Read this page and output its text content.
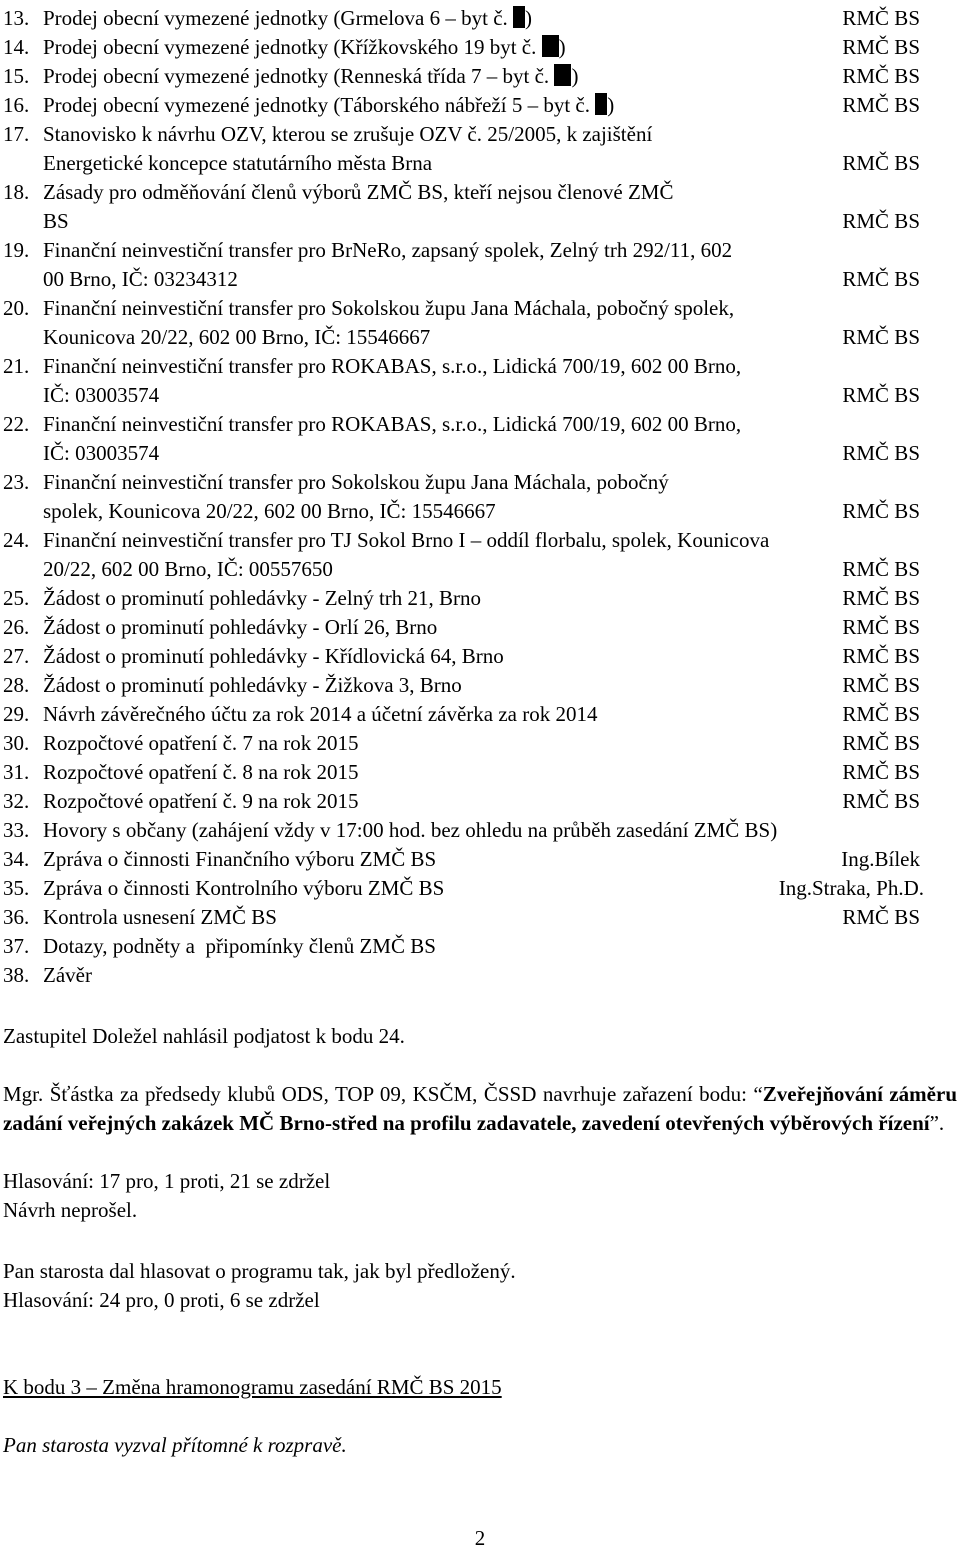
13. Prodej obecní vymezené jednotky (Grmelova 6 – byt č. )	RMČ BS
14. Prodej obecní vymezené jednotky (Křížkovského 19 byt č. )	RMČ BS
15. Prodej obecní vymezené jednotky (Renneská třída 7 – byt č. )	RMČ BS
16. Prodej obecní vymezené jednotky (Táborského nábřeží 5 – byt č. )	RMČ BS
17. Stanovisko k návrhu OZV, kterou se zrušuje OZV č. 25/2005, k zajištění Energetické koncepce statutárního města Brna	RMČ BS
18. Zásady pro odměňování členů výborů ZMČ BS, kteří nejsou členové ZMČ BS	RMČ BS
19. Finanční neinvestiční transfer pro BrNeRo, zapsaný spolek, Zelný trh 292/11, 602 00 Brno, IČ: 03234312	RMČ BS
20. Finanční neinvestiční transfer pro Sokolskou župu Jana Máchala, pobočný spolek, Kounicova 20/22, 602 00 Brno, IČ: 15546667	RMČ BS
21. Finanční neinvestiční transfer pro ROKABAS, s.r.o., Lidická 700/19, 602 00 Brno, IČ: 03003574	RMČ BS
22. Finanční neinvestiční transfer pro ROKABAS, s.r.o., Lidická 700/19, 602 00 Brno, IČ: 03003574	RMČ BS
23. Finanční neinvestiční transfer pro Sokolskou župu Jana Máchala, pobočný spolek, Kounicova 20/22, 602 00 Brno, IČ: 15546667	RMČ BS
24. Finanční neinvestiční transfer pro TJ Sokol Brno I – oddíl florbalu, spolek, Kounicova 20/22, 602 00 Brno, IČ: 00557650	RMČ BS
25. Žádost o prominutí pohledávky - Zelný trh 21, Brno	RMČ BS
26. Žádost o prominutí pohledávky - Orlí 26, Brno	RMČ BS
27. Žádost o prominutí pohledávky - Křídlovická 64, Brno	RMČ BS
28. Žádost o prominutí pohledávky - Žižkova 3, Brno	RMČ BS
29. Návrh závěrečného účtu za rok 2014 a účetní závěrka za rok 2014	RMČ BS
30. Rozpočtové opatření č. 7 na rok 2015	RMČ BS
31. Rozpočtové opatření č. 8 na rok 2015	RMČ BS
32. Rozpočtové opatření č. 9 na rok 2015	RMČ BS
33. Hovory s občany (zahájení vždy v 17:00 hod. bez ohledu na průběh zasedání ZMČ BS)
34. Zpráva o činnosti Finančního výboru ZMČ BS	Ing.Bílek
35. Zpráva o činnosti Kontrolního výboru ZMČ BS	Ing.Straka, Ph.D.
36. Kontrola usnesení ZMČ BS	RMČ BS
37. Dotazy, podněty a  připomínky členů ZMČ BS
38. Závěr
Zastupitel Doležel nahlásil podjatost k bodu 24.
Mgr. Šťástka za předsedy klubů ODS, TOP 09, KSČM, ČSSD navrhuje zařazení bodu: “Zveřejňování záměru zadání veřejných zakázek MČ Brno-střed na profilu zadavatele, zavedení otevřených výběrových řízení”.
Hlasování: 17 pro, 1 proti, 21 se zdržel
Návrh neprošel.
Pan starosta dal hlasovat o programu tak, jak byl předložený.
Hlasování: 24 pro, 0 proti, 6 se zdržel
K bodu 3 – Změna hramonogramu zasedání RMČ BS 2015
Pan starosta vyzval přítomné k rozpravě.
2
